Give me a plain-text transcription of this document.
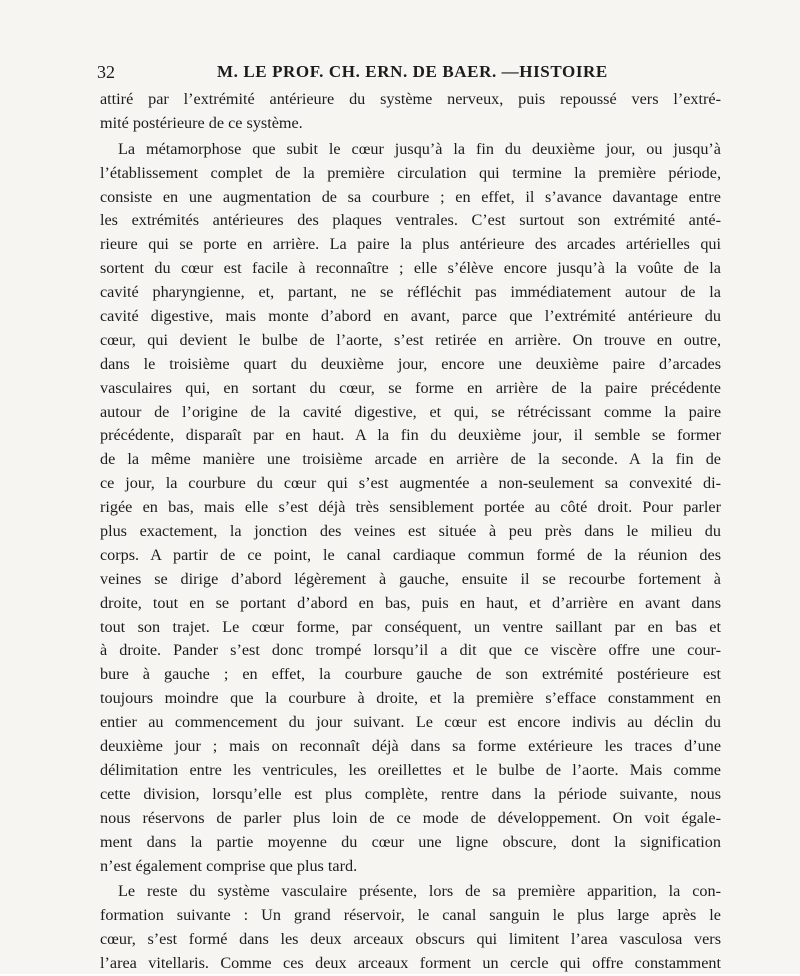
32	M. LE PROF. CH. ERN. DE BAER. —HISTOIRE
attiré par l’extrémité antérieure du système nerveux, puis repoussé vers l’extré-
mité postérieure de ce système.
La métamorphose que subit le cœur jusqu’à la fin du deuxième jour, ou jusqu’à
l’établissement complet de la première circulation qui termine la première période,
consiste en une augmentation de sa courbure ; en effet, il s’avance davantage entre
les extrémités antérieures des plaques ventrales. C’est surtout son extrémité anté-
rieure qui se porte en arrière. La paire la plus antérieure des arcades artérielles qui
sortent du cœur est facile à reconnaître ; elle s’élève encore jusqu’à la voûte de la
cavité pharyngienne, et, partant, ne se réfléchit pas immédiatement autour de la
cavité digestive, mais monte d’abord en avant, parce que l’extrémité antérieure du
cœur, qui devient le bulbe de l’aorte, s’est retirée en arrière. On trouve en outre,
dans le troisième quart du deuxième jour, encore une deuxième paire d’arcades
vasculaires qui, en sortant du cœur, se forme en arrière de la paire précédente
autour de l’origine de la cavité digestive, et qui, se rétrécissant comme la paire
précédente, disparaît par en haut. A la fin du deuxième jour, il semble se former
de la même manière une troisième arcade en arrière de la seconde. A la fin de
ce jour, la courbure du cœur qui s’est augmentée a non-seulement sa convexité di-
rigée en bas, mais elle s’est déjà très sensiblement portée au côté droit. Pour parler
plus exactement, la jonction des veines est située à peu près dans le milieu du
corps. A partir de ce point, le canal cardiaque commun formé de la réunion des
veines se dirige d’abord légèrement à gauche, ensuite il se recourbe fortement à
droite, tout en se portant d’abord en bas, puis en haut, et d’arrière en avant dans
tout son trajet. Le cœur forme, par conséquent, un ventre saillant par en bas et
à droite. Pander s’est donc trompé lorsqu’il a dit que ce viscère offre une cour-
bure à gauche ; en effet, la courbure gauche de son extrémité postérieure est
toujours moindre que la courbure à droite, et la première s’efface constamment en
entier au commencement du jour suivant. Le cœur est encore indivis au déclin du
deuxième jour ; mais on reconnaît déjà dans sa forme extérieure les traces d’une
délimitation entre les ventricules, les oreillettes et le bulbe de l’aorte. Mais comme
cette division, lorsqu’elle est plus complète, rentre dans la période suivante, nous
nous réservons de parler plus loin de ce mode de développement. On voit égale-
ment dans la partie moyenne du cœur une ligne obscure, dont la signification
n’est également comprise que plus tard.
Le reste du système vasculaire présente, lors de sa première apparition, la con-
formation suivante : Un grand réservoir, le canal sanguin le plus large après le
cœur, s’est formé dans les deux arceaux obscurs qui limitent l’area vasculosa vers
l’area vitellaris. Comme ces deux arceaux forment un cercle qui offre constamment
